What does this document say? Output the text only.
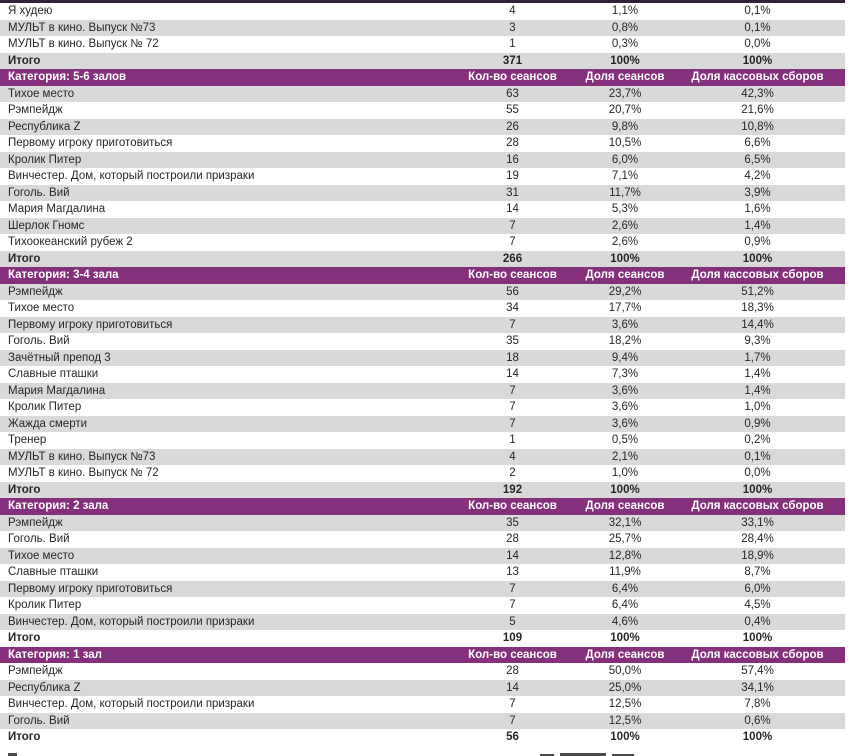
Я худею	4	1,1%	0,1%
МУЛЬТ в кино. Выпуск №73	3	0,8%	0,1%
МУЛЬТ в кино. Выпуск № 72	1	0,3%	0,0%
Итого	371	100%	100%
Категория: 5-6 залов	Кол-во сеансов	Доля сеансов	Доля кассовых сборов
Тихое место	63	23,7%	42,3%
Рэмпейдж	55	20,7%	21,6%
Республика Z	26	9,8%	10,8%
Первому игроку приготовиться	28	10,5%	6,6%
Кролик Питер	16	6,0%	6,5%
Винчестер. Дом, который построили призраки	19	7,1%	4,2%
Гоголь. Вий	31	11,7%	3,9%
Мария Магдалина	14	5,3%	1,6%
Шерлок Гномс	7	2,6%	1,4%
Тихоокеанский рубеж 2	7	2,6%	0,9%
Итого	266	100%	100%
Категория: 3-4 зала	Кол-во сеансов	Доля сеансов	Доля кассовых сборов
Рэмпейдж	56	29,2%	51,2%
Тихое место	34	17,7%	18,3%
Первому игроку приготовиться	7	3,6%	14,4%
Гоголь. Вий	35	18,2%	9,3%
Зачётный препод 3	18	9,4%	1,7%
Славные пташки	14	7,3%	1,4%
Мария Магдалина	7	3,6%	1,4%
Кролик Питер	7	3,6%	1,0%
Жажда смерти	7	3,6%	0,9%
Тренер	1	0,5%	0,2%
МУЛЬТ в кино. Выпуск №73	4	2,1%	0,1%
МУЛЬТ в кино. Выпуск № 72	2	1,0%	0,0%
Итого	192	100%	100%
Категория: 2 зала	Кол-во сеансов	Доля сеансов	Доля кассовых сборов
Рэмпейдж	35	32,1%	33,1%
Гоголь. Вий	28	25,7%	28,4%
Тихое место	14	12,8%	18,9%
Славные пташки	13	11,9%	8,7%
Первому игроку приготовиться	7	6,4%	6,0%
Кролик Питер	7	6,4%	4,5%
Винчестер. Дом, который построили призраки	5	4,6%	0,4%
Итого	109	100%	100%
Категория: 1 зал	Кол-во сеансов	Доля сеансов	Доля кассовых сборов
Рэмпейдж	28	50,0%	57,4%
Республика Z	14	25,0%	34,1%
Винчестер. Дом, который построили призраки	7	12,5%	7,8%
Гоголь. Вий	7	12,5%	0,6%
Итого	56	100%	100%
